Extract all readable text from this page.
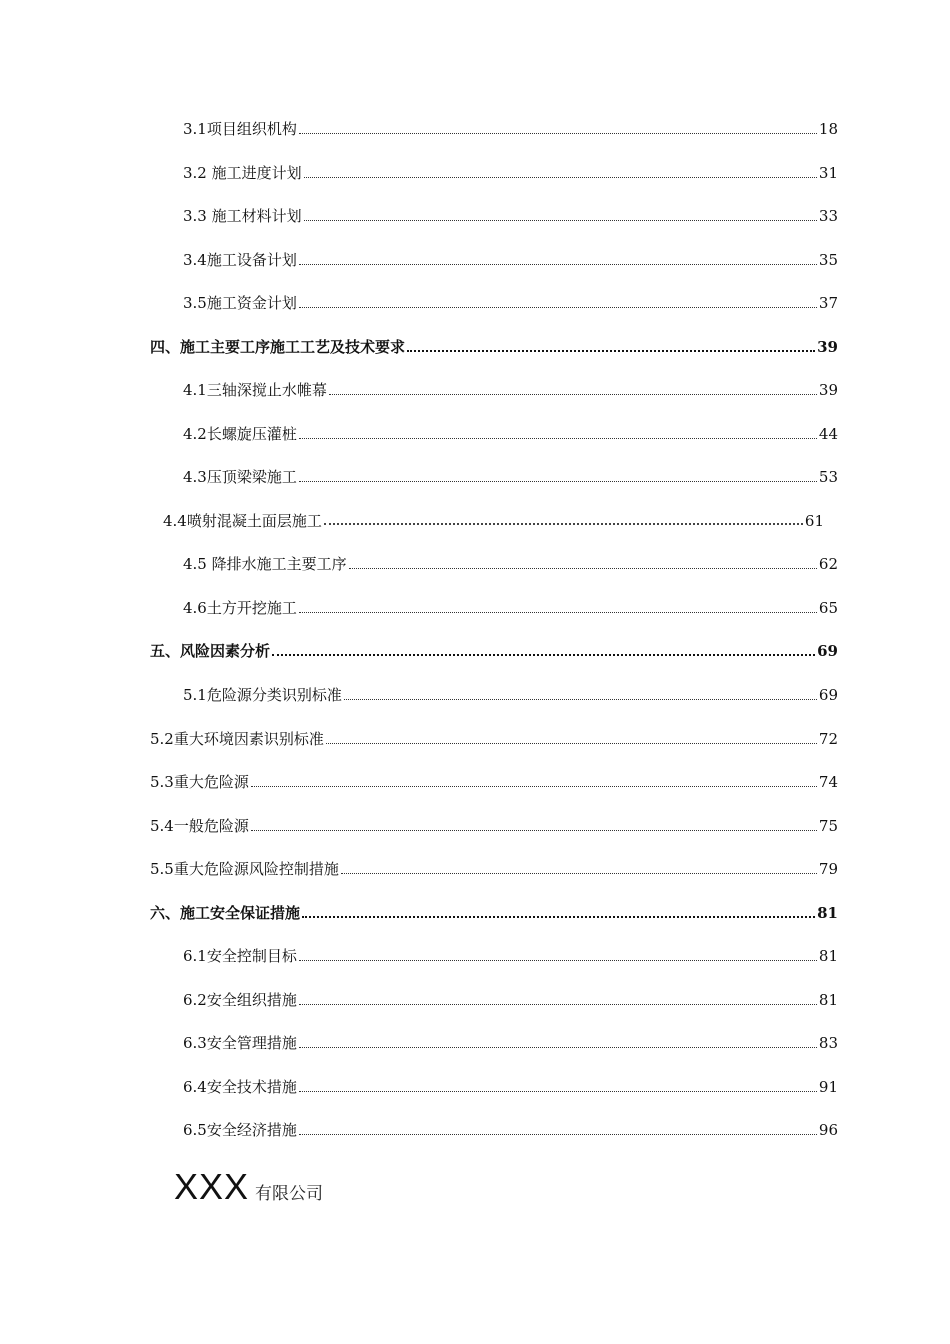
3.1项目组织机构	18
3.2 施工进度计划	31
3.3 施工材料计划	33
3.4施工设备计划	35
3.5施工资金计划	37
四、施工主要工序施工工艺及技术要求	39
4.1三轴深搅止水帷幕	39
4.2长螺旋压灌桩	44
4.3压顶梁梁施工	53
4.4喷射混凝土面层施工	61
4.5 降排水施工主要工序	62
4.6土方开挖施工	65
五、风险因素分析	69
5.1危险源分类识别标准	69
5.2重大环境因素识别标准	72
5.3重大危险源	74
5.4一般危险源	75
5.5重大危险源风险控制措施	79
六、施工安全保证措施	81
6.1安全控制目标	81
6.2安全组织措施	81
6.3安全管理措施	83
6.4安全技术措施	91
6.5安全经济措施	96
XXX 有限公司
